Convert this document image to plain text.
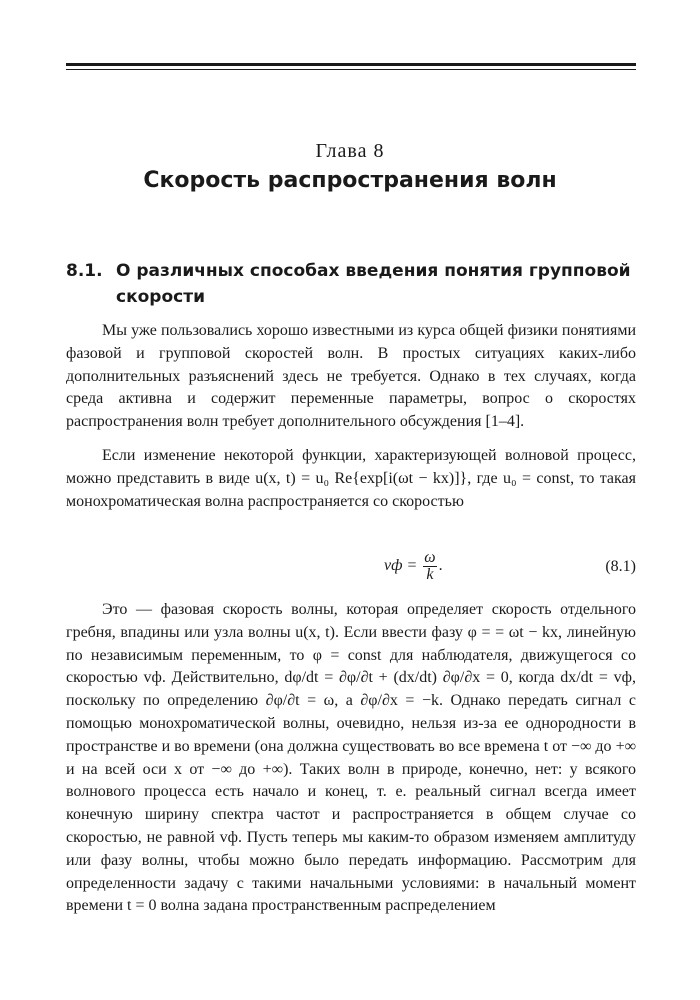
Глава 8
Скорость распространения волн
8.1. О различных способах введения понятия групповой скорости

Мы уже пользовались хорошо известными из курса общей физики понятиями фазовой и групповой скоростей волн. В простых ситуациях каких-либо дополнительных разъяснений здесь не требуется. Однако в тех случаях, когда среда активна и содержит переменные параметры, вопрос о скоростях распространения волн требует дополнительного обсуждения [1–4].

Если изменение некоторой функции, характеризующей волновой процесс, можно представить в виде u(x, t) = u₀ Re{exp[i(ωt − kx)]}, где u₀ = const, то такая монохроматическая волна распространяется со скоростью

vф = $\frac{\omega}{k}$ .	(8.1)

Это — фазовая скорость волны, которая определяет скорость отдельного гребня, впадины или узла волны u(x, t). Если ввести фазу φ = = ωt − kx, линейную по независимым переменным, то φ = const для наблюдателя, движущегося со скоростью vф. Действительно, dφ/dt = ∂φ/∂t + (dx/dt) ∂φ/∂x = 0, когда dx/dt = vф, поскольку по определению ∂φ/∂t = ω, а ∂φ/∂x = −k. Однако передать сигнал с помощью монохроматической волны, очевидно, нельзя из-за ее однородности в пространстве и во времени (она должна существовать во все времена t от −∞ до +∞ и на всей оси x от −∞ до +∞). Таких волн в природе, конечно, нет: у всякого волнового процесса есть начало и конец, т. е. реальный сигнал всегда имеет конечную ширину спектра частот и распространяется в общем случае со скоростью, не равной vф. Пусть теперь мы каким-то образом изменяем амплитуду или фазу волны, чтобы можно было передать информацию. Рассмотрим для определенности задачу с такими начальными условиями: в начальный момент времени t = 0 волна задана пространственным распределением
